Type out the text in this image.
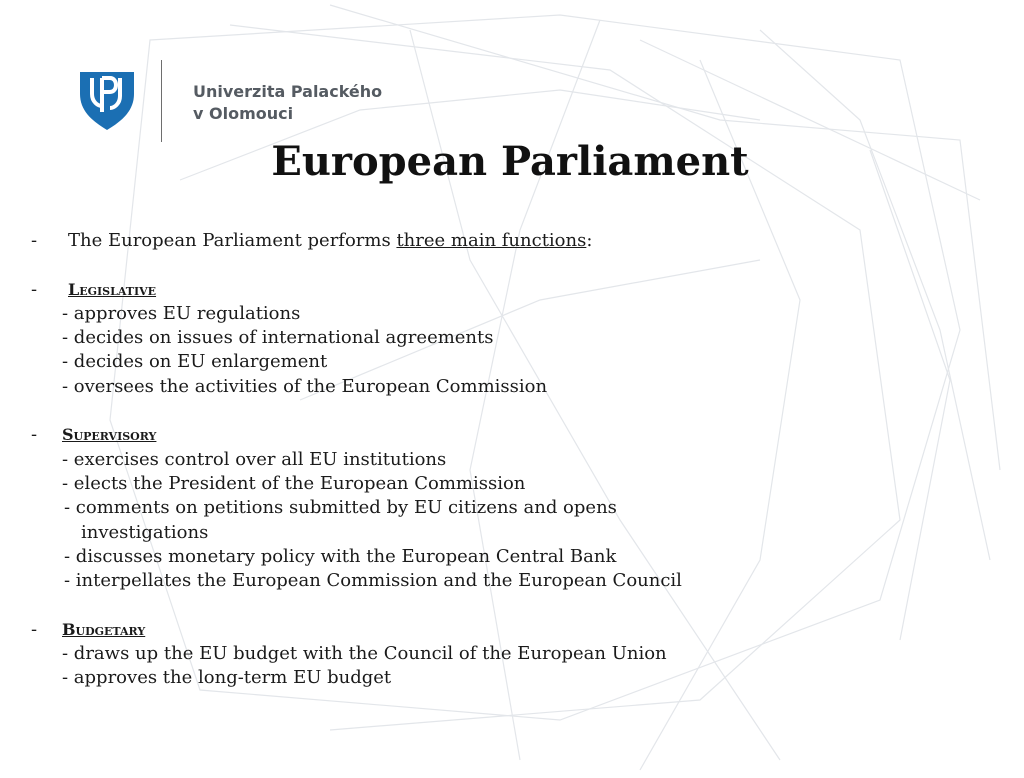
Univerzita Palackého
v Olomouci
European Parliament
- The European Parliament performs three main functions:
- Legislative
- approves EU regulations
- decides on issues of international agreements
- decides on EU enlargement
- oversees the activities of the European Commission
- Supervisory
- exercises control over all EU institutions
- elects the President of the European Commission
- comments on petitions submitted by EU citizens and opens
investigations
- discusses monetary policy with the European Central Bank
- interpellates the European Commission and the European Council
- Budgetary
- draws up the EU budget with the Council of the European Union
- approves the long-term EU budget
